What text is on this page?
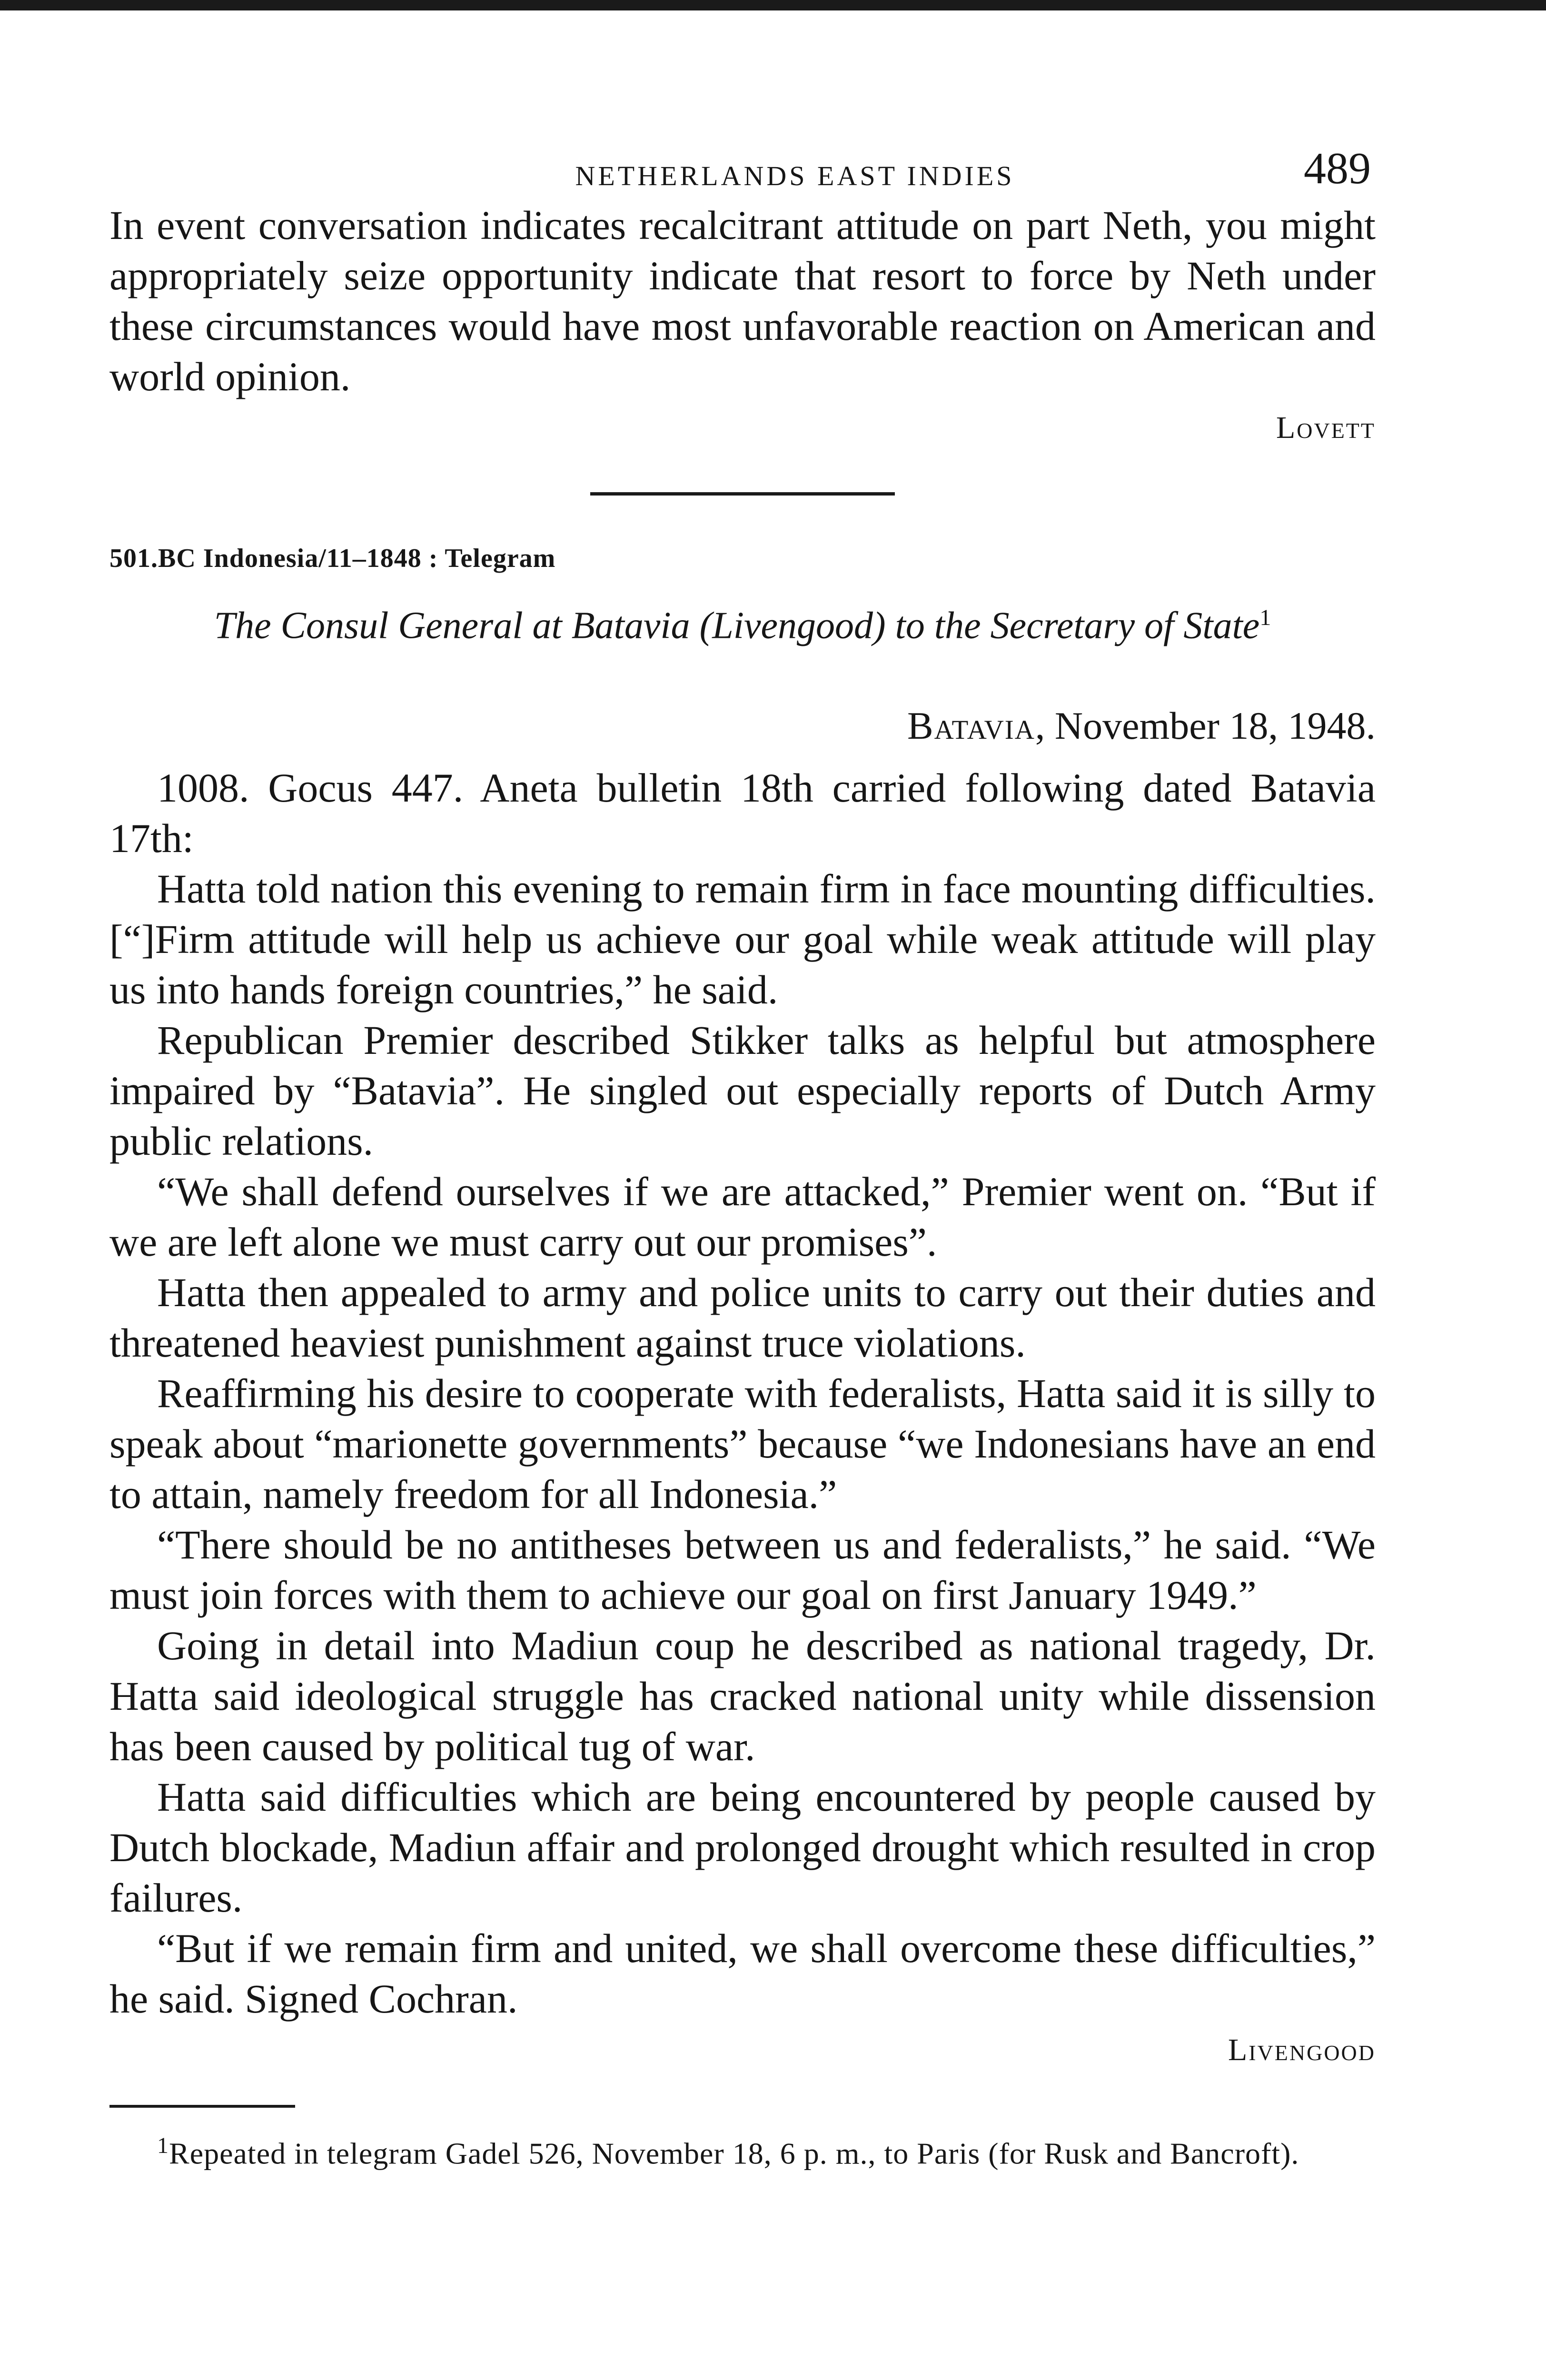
NETHERLANDS EAST INDIES	489

In event conversation indicates recalcitrant attitude on part Neth, you might appropriately seize opportunity indicate that resort to force by Neth under these circumstances would have most unfavorable reaction on American and world opinion.

Lovett

501.BC Indonesia/11–1848 : Telegram

The Consul General at Batavia (Livengood) to the Secretary of State$^1$

Batavia, November 18, 1948.

1008. Gocus 447. Aneta bulletin 18th carried following dated Batavia 17th:

Hatta told nation this evening to remain firm in face mounting difficulties. [“]Firm attitude will help us achieve our goal while weak attitude will play us into hands foreign countries,” he said.

Republican Premier described Stikker talks as helpful but atmosphere impaired by “Batavia”. He singled out especially reports of Dutch Army public relations.

“We shall defend ourselves if we are attacked,” Premier went on. “But if we are left alone we must carry out our promises”.

Hatta then appealed to army and police units to carry out their duties and threatened heaviest punishment against truce violations.

Reaffirming his desire to cooperate with federalists, Hatta said it is silly to speak about “marionette governments” because “we Indonesians have an end to attain, namely freedom for all Indonesia.”

“There should be no antitheses between us and federalists,” he said. “We must join forces with them to achieve our goal on first January 1949.”

Going in detail into Madiun coup he described as national tragedy, Dr. Hatta said ideological struggle has cracked national unity while dissension has been caused by political tug of war.

Hatta said difficulties which are being encountered by people caused by Dutch blockade, Madiun affair and prolonged drought which resulted in crop failures.

“But if we remain firm and united, we shall overcome these difficulties,” he said. Signed Cochran.

Livengood

$^1$Repeated in telegram Gadel 526, November 18, 6 p. m., to Paris (for Rusk and Bancroft).
